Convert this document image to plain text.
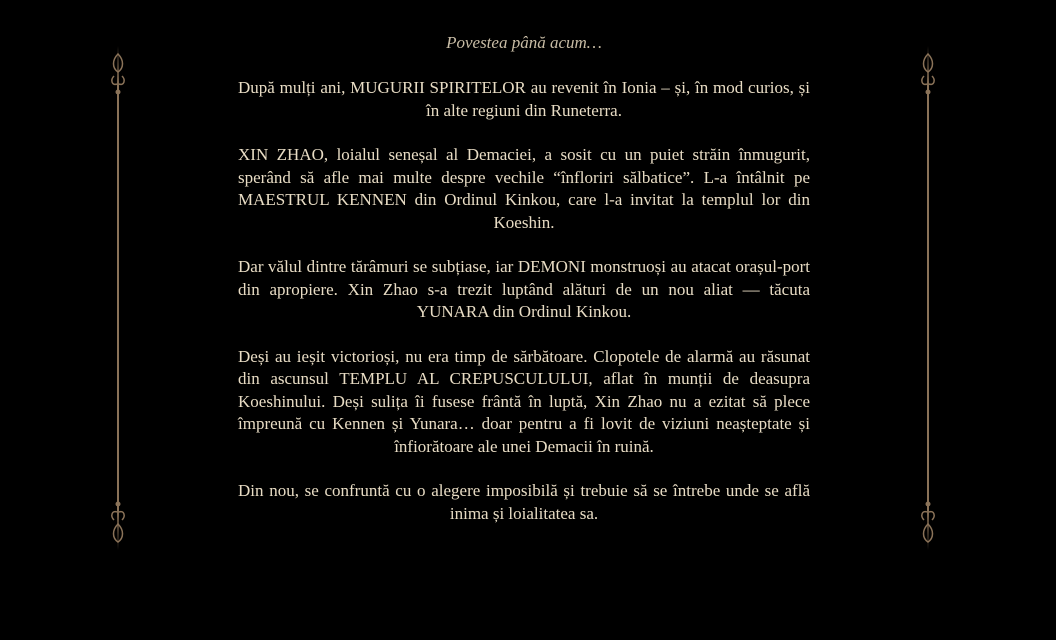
Povestea până acum…

După mulți ani, MUGURII SPIRITELOR au revenit în Ionia – și, în mod curios, și în alte regiuni din Runeterra.

XIN ZHAO, loialul seneșal al Demaciei, a sosit cu un puiet străin înmugurit, sperând să afle mai multe despre vechile “înfloriri sălbatice”. L-a întâlnit pe MAESTRUL KENNEN din Ordinul Kinkou, care l-a invitat la templul lor din Koeshin.

Dar vălul dintre tărâmuri se subțiase, iar DEMONI monstruoși au atacat orașul-port din apropiere. Xin Zhao s-a trezit luptând alături de un nou aliat — tăcuta YUNARA din Ordinul Kinkou.

Deși au ieșit victorioși, nu era timp de sărbătoare. Clopotele de alarmă au răsunat din ascunsul TEMPLU AL CREPUSCULULUI, aflat în munții de deasupra Koeshinului. Deși sulița îi fusese frântă în luptă, Xin Zhao nu a ezitat să plece împreună cu Kennen și Yunara… doar pentru a fi lovit de viziuni neașteptate și înfiorătoare ale unei Demacii în ruină.

Din nou, se confruntă cu o alegere imposibilă și trebuie să se întrebe unde se află inima și loialitatea sa.
